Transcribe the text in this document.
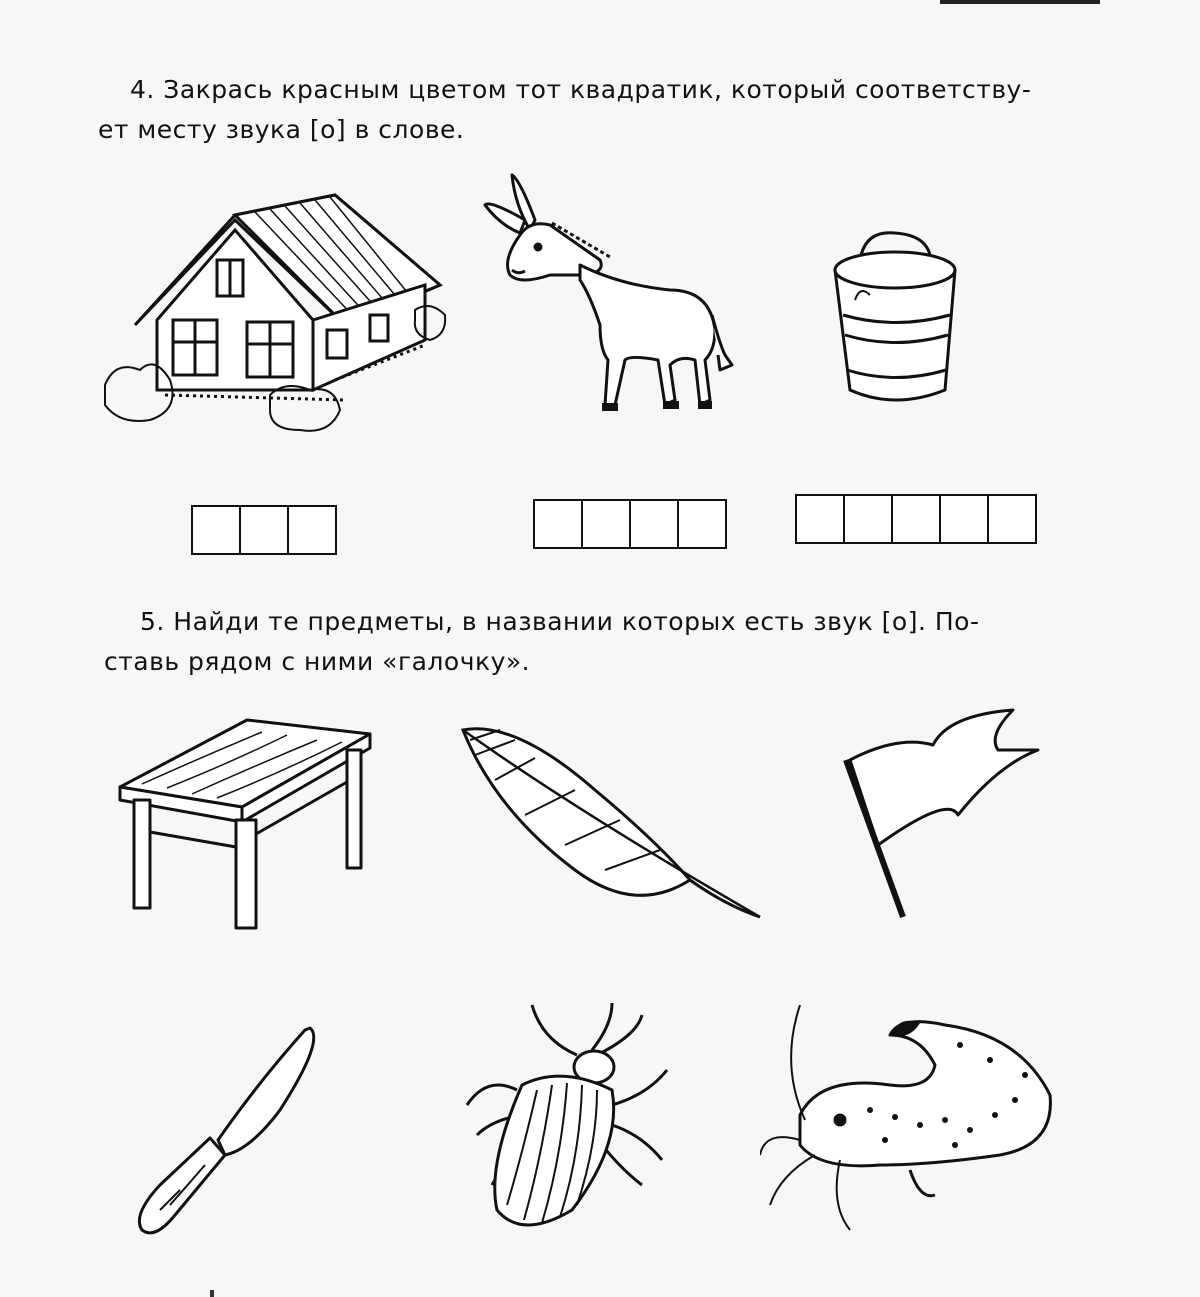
4. Закрась красным цветом тот квадратик, который соответству-

ет месту звука [о] в слове.

5. Найди те предметы, в названии которых есть звук [о]. По-

ставь рядом с ними «галочку».
